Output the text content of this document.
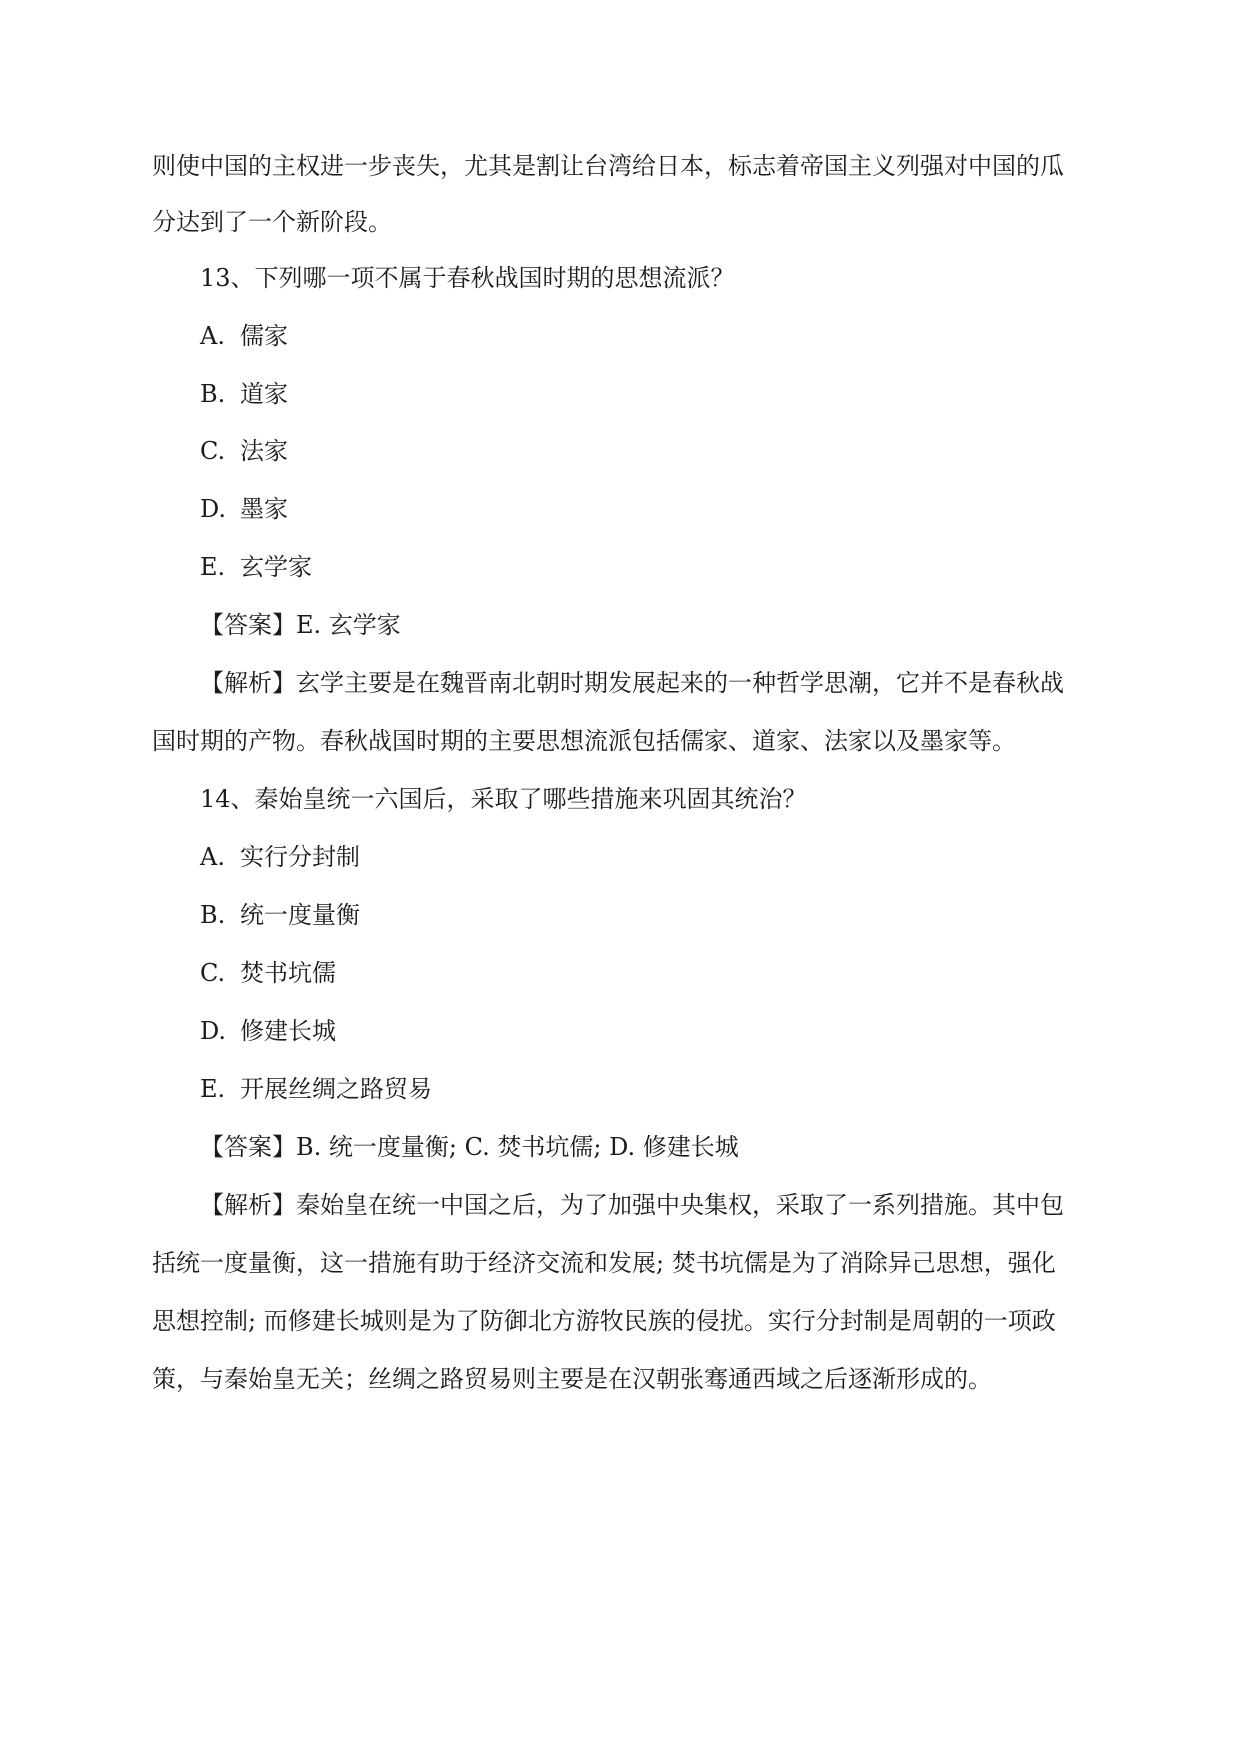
则使中国的主权进一步丧失，尤其是割让台湾给日本，标志着帝国主义列强对中国的瓜
分达到了一个新阶段。
13、下列哪一项不属于春秋战国时期的思想流派？
A. 儒家
B. 道家
C. 法家
D. 墨家
E. 玄学家
【答案】E. 玄学家
【解析】玄学主要是在魏晋南北朝时期发展起来的一种哲学思潮，它并不是春秋战
国时期的产物。春秋战国时期的主要思想流派包括儒家、道家、法家以及墨家等。
14、秦始皇统一六国后，采取了哪些措施来巩固其统治？
A. 实行分封制
B. 统一度量衡
C. 焚书坑儒
D. 修建长城
E. 开展丝绸之路贸易
【答案】B. 统一度量衡; C. 焚书坑儒; D. 修建长城
【解析】秦始皇在统一中国之后，为了加强中央集权，采取了一系列措施。其中包
括统一度量衡，这一措施有助于经济交流和发展; 焚书坑儒是为了消除异己思想，强化
思想控制; 而修建长城则是为了防御北方游牧民族的侵扰。实行分封制是周朝的一项政
策，与秦始皇无关；丝绸之路贸易则主要是在汉朝张骞通西域之后逐渐形成的。
